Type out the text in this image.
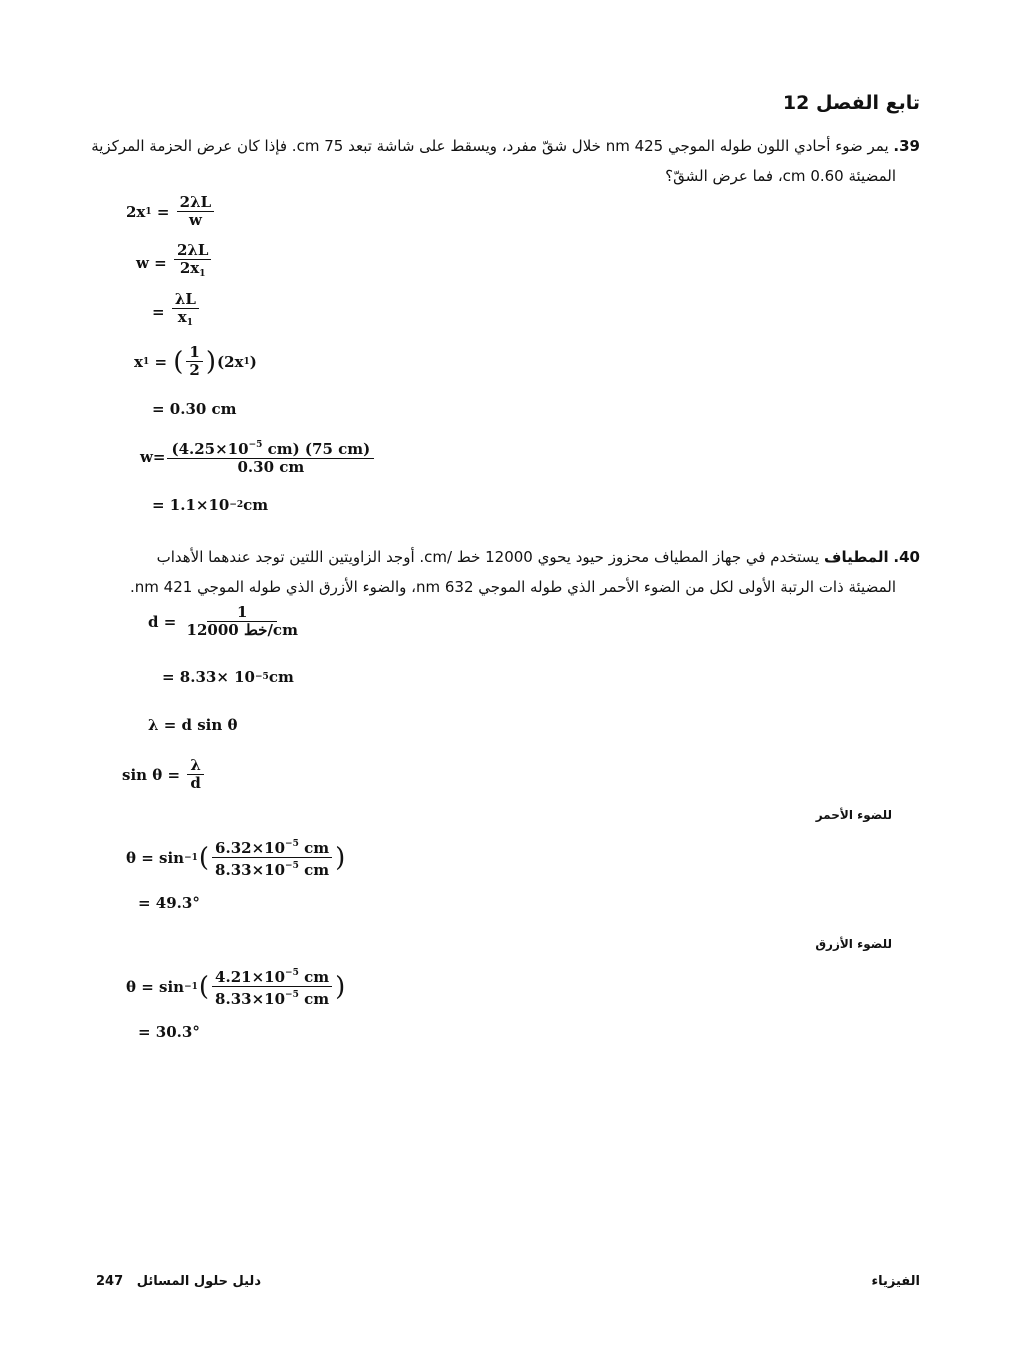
تابع الفصل 12
39. يمر ضوء أحادي اللون طوله الموجي 425 nm خلال شقّ مفرد، ويسقط على شاشة تبعد 75 cm. فإذا كان عرض الحزمة المركزية
المضيئة 0.60 cm، فما عرض الشقّ؟
2x $1 = \frac{2\lambda L}{w}$
w =
$\frac{2\lambda L}{2x_1}$
=
$\frac{\lambda L}{x_1}$
x 1 = ( $\frac{1}{2}$ ) (2x 1 )
= 0.30 cm
$w= \frac{(4.25\times 10^{-5} cm) (75 cm)}{0.30 cm}$
= 1.1×10 −2 cm
40. المطياف يستخدم في جهاز المطياف محزوز حيود يحوي 12000 خط /cm. أوجد الزاويتين اللتين توجد عندهما الأهداب
المضيئة ذات الرتبة الأولى لكل من الضوء الأحمر الذي طوله الموجي 632 nm، والضوء الأزرق الذي طوله الموجي 421 nm.
d =
$\frac{1}{\text{12000 خط/cm}}$
= 8.33× 10 −5 cm
λ = d sin θ
sin θ =
$\frac{\lambda}{d}$
للضوء الأحمر
θ = sin −1 ( $\frac{6.32\times 10^{-5} cm}{8.33\times 10^{-5} cm}$ )
= 49.3°
للضوء الأزرق
θ = sin −1 ( $\frac{4.21\times 10^{-5} cm}{8.33\times 10^{-5} cm}$ )
= 30.3°
247 دليل حلول المسائل	الفيزياء
